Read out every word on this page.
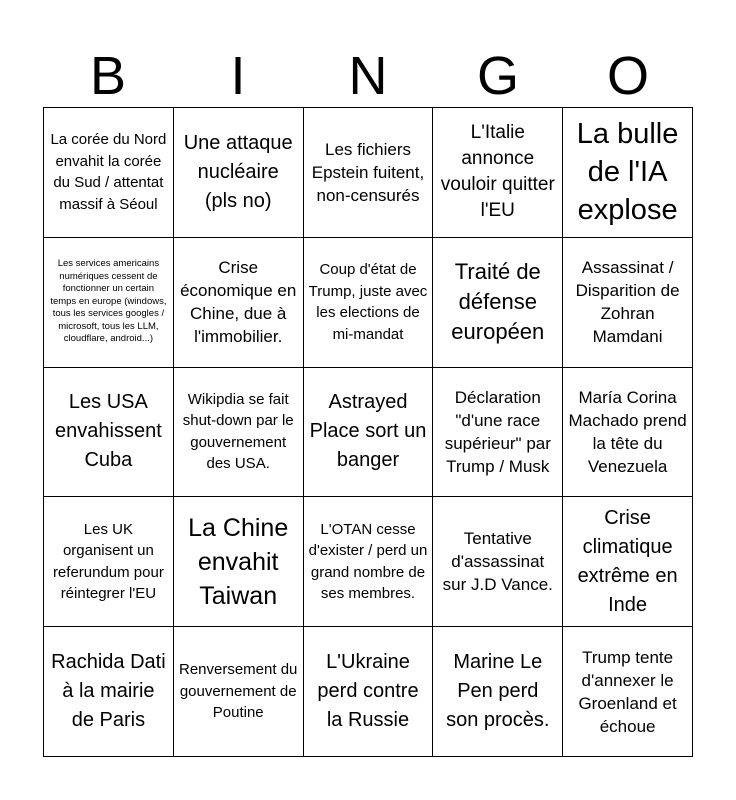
B	I	N	G	O
La corée du Nord envahit la corée du Sud / attentat massif à Séoul
Une attaque nucléaire (pls no)
Les fichiers Epstein fuitent, non-censurés
L'Italie annonce vouloir quitter l'EU
La bulle de l'IA explose
Les services americains numériques cessent de fonctionner un certain temps en europe (windows, tous les services googles / microsoft, tous les LLM, cloudflare, android...)
Crise économique en Chine, due à l'immobilier.
Coup d'état de Trump, juste avec les elections de mi-mandat
Traité de défense européen
Assassinat / Disparition de Zohran Mamdani
Les USA envahissent Cuba
Wikipdia se fait shut-down par le gouvernement des USA.
Astrayed Place sort un banger
Déclaration "d'une race supérieur" par Trump / Musk
María Corina Machado prend la tête du Venezuela
Les UK organisent un referundum pour réintegrer l'EU
La Chine envahit Taiwan
L'OTAN cesse d'exister / perd un grand nombre de ses membres.
Tentative d'assassinat sur J.D Vance.
Crise climatique extrême en Inde
Rachida Dati à la mairie de Paris
Renversement du gouvernement de Poutine
L'Ukraine perd contre la Russie
Marine Le Pen perd son procès.
Trump tente d'annexer le Groenland et échoue
